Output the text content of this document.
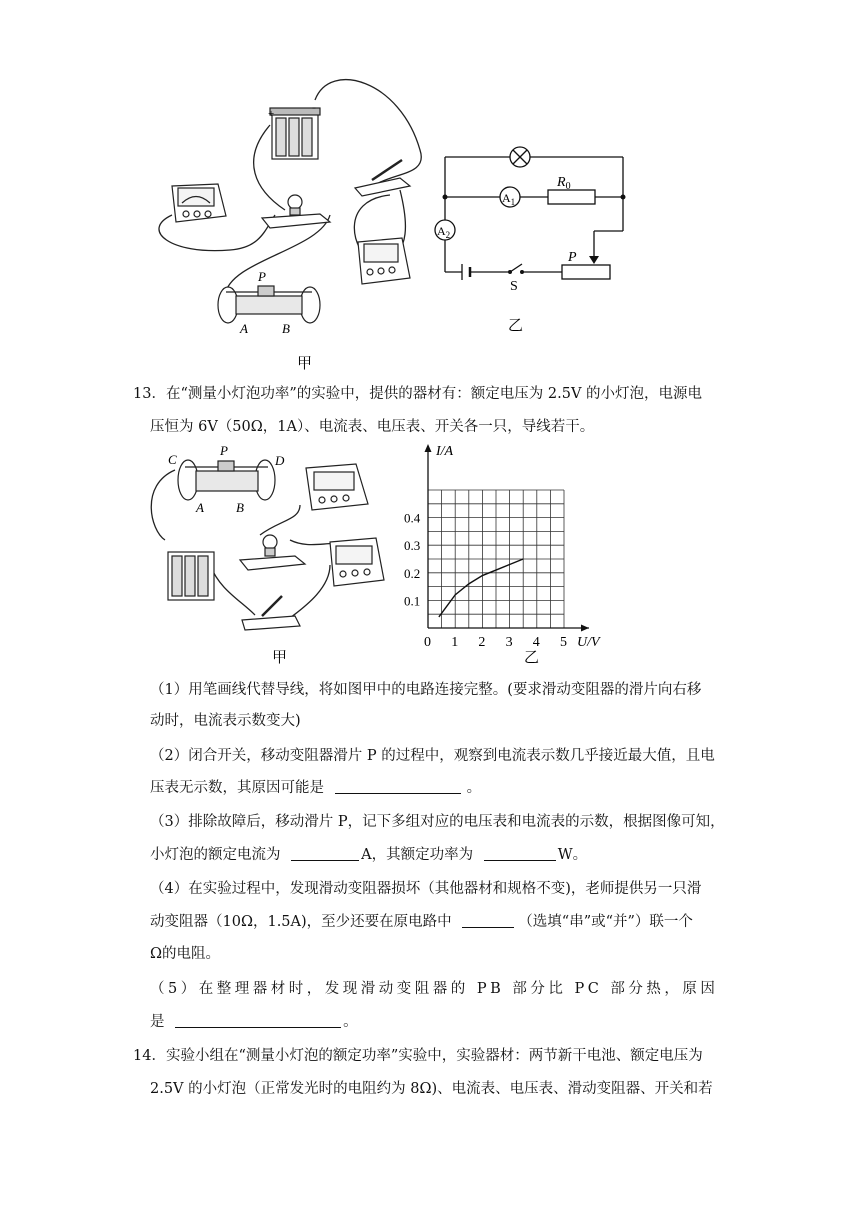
+	-
P
A	B
甲
$A_1$
$A_2$
$R_0$
P
S
乙
13．在“测量小灯泡功率”的实验中，提供的器材有：额定电压为 2.5V 的小灯泡，电源电
压恒为 6V（50Ω，1A）、电流表、电压表、开关各一只，导线若干。
C
P
D
A B
甲
0 1 2 3 4 5
0.1
0.2
0.3
0.4
I/A
U/V
乙
（1）用笔画线代替导线，将如图甲中的电路连接完整。(要求滑动变阻器的滑片向右移
动时，电流表示数变大)
（2）闭合开关，移动变阻器滑片 P 的过程中，观察到电流表示数几乎接近最大值，且电
压表无示数，其原因可能是	。
（3）排除故障后，移动滑片 P，记下多组对应的电压表和电流表的示数，根据图像可知，
小灯泡的额定电流为	A，其额定功率为	W。
（4）在实验过程中，发现滑动变阻器损坏（其他器材和规格不变)，老师提供另一只滑
动变阻器（10Ω，1.5A)，至少还要在原电路中	（选填“串”或“并”）联一个
Ω的电阻。
（5）在整理器材时，发现滑动变阻器的 PB 部分比 PC 部分热，原因
是	。
14．实验小组在“测量小灯泡的额定功率”实验中，实验器材：两节新干电池、额定电压为
2.5V 的小灯泡（正常发光时的电阻约为 8Ω)、电流表、电压表、滑动变阻器、开关和若
